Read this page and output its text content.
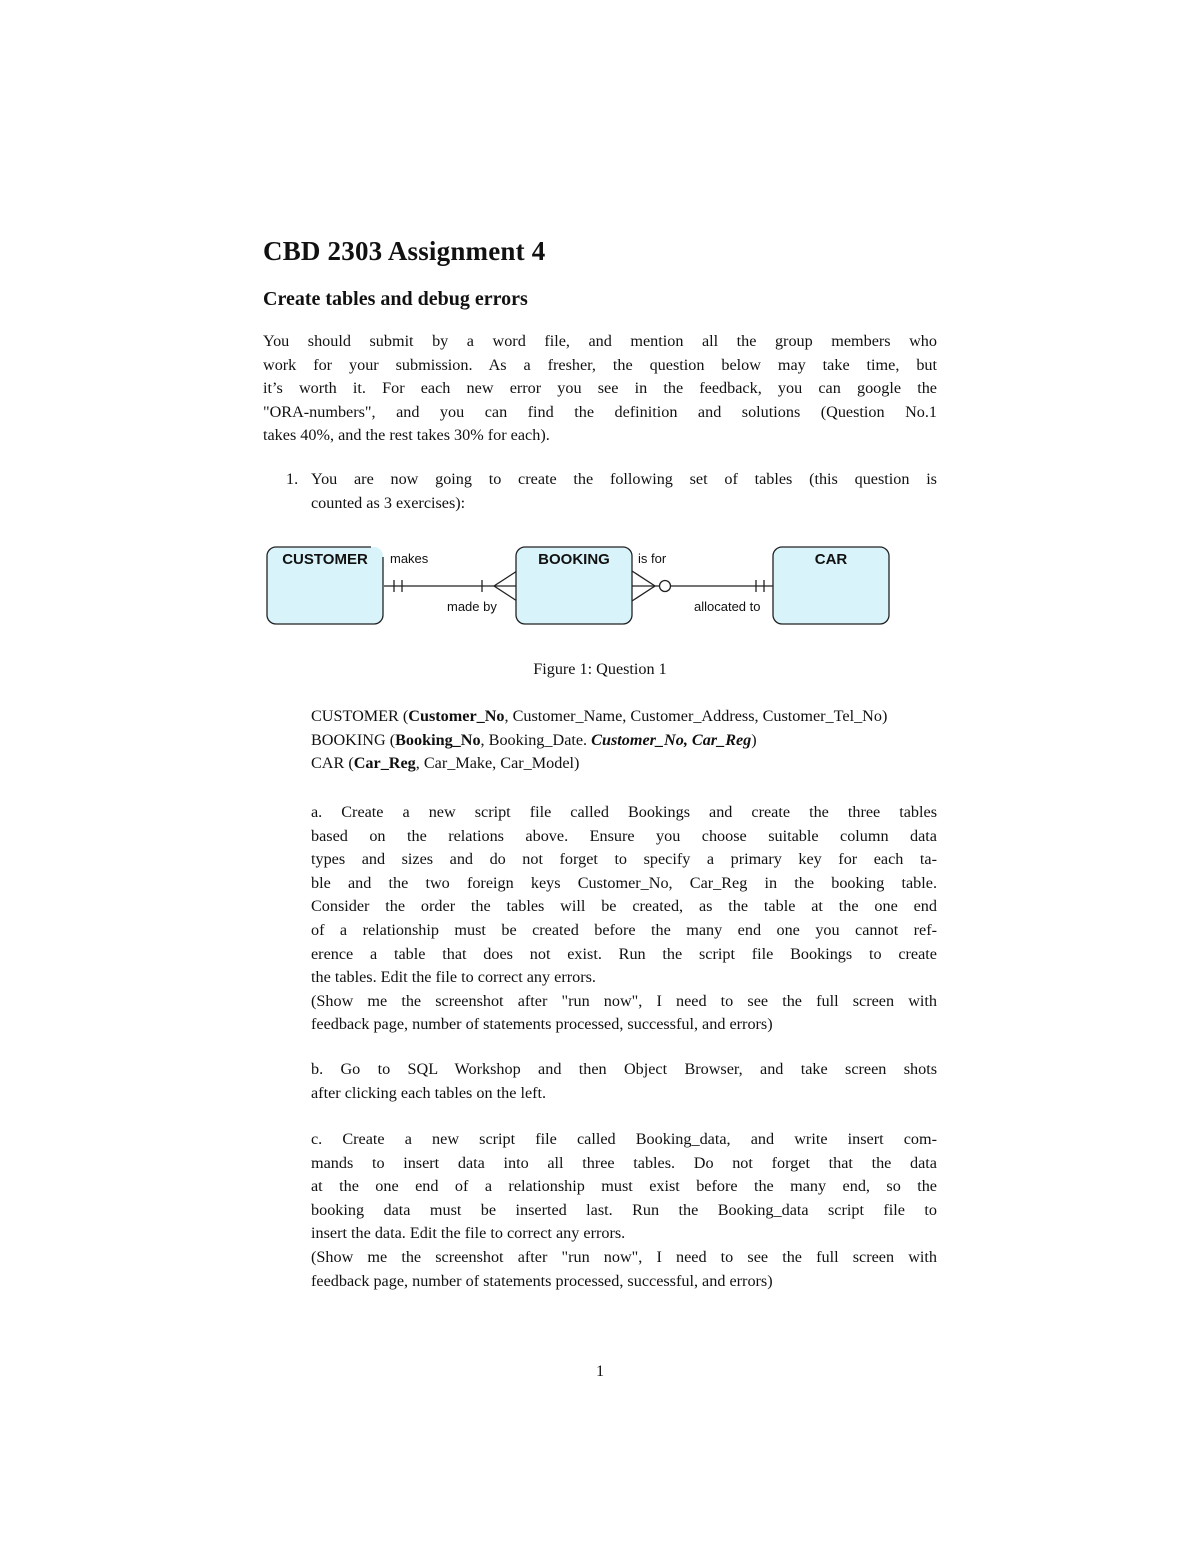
CBD 2303 Assignment 4
Create tables and debug errors
You should submit by a word file, and mention all the group members who
work for your submission. As a fresher, the question below may take time, but
it’s worth it. For each new error you see in the feedback, you can google the
"ORA-numbers", and you can find the definition and solutions (Question No.1
takes 40%, and the rest takes 30% for each).
1. You are now going to create the following set of tables (this question is
counted as 3 exercises):
CUSTOMER	BOOKING	CAR
makes
made by
is for
allocated to
Figure 1: Question 1
CUSTOMER (Customer_No, Customer_Name, Customer_Address, Customer_Tel_No)
BOOKING (Booking_No, Booking_Date. Customer_No, Car_Reg)
CAR (Car_Reg, Car_Make, Car_Model)
a. Create a new script file called Bookings and create the three tables
based on the relations above. Ensure you choose suitable column data
types and sizes and do not forget to specify a primary key for each ta-
ble and the two foreign keys Customer_No, Car_Reg in the booking table.
Consider the order the tables will be created, as the table at the one end
of a relationship must be created before the many end one you cannot ref-
erence a table that does not exist. Run the script file Bookings to create
the tables. Edit the file to correct any errors.
(Show me the screenshot after "run now", I need to see the full screen with
feedback page, number of statements processed, successful, and errors)
b. Go to SQL Workshop and then Object Browser, and take screen shots
after clicking each tables on the left.
c. Create a new script file called Booking_data, and write insert com-
mands to insert data into all three tables. Do not forget that the data
at the one end of a relationship must exist before the many end, so the
booking data must be inserted last. Run the Booking_data script file to
insert the data. Edit the file to correct any errors.
(Show me the screenshot after "run now", I need to see the full screen with
feedback page, number of statements processed, successful, and errors)
1
